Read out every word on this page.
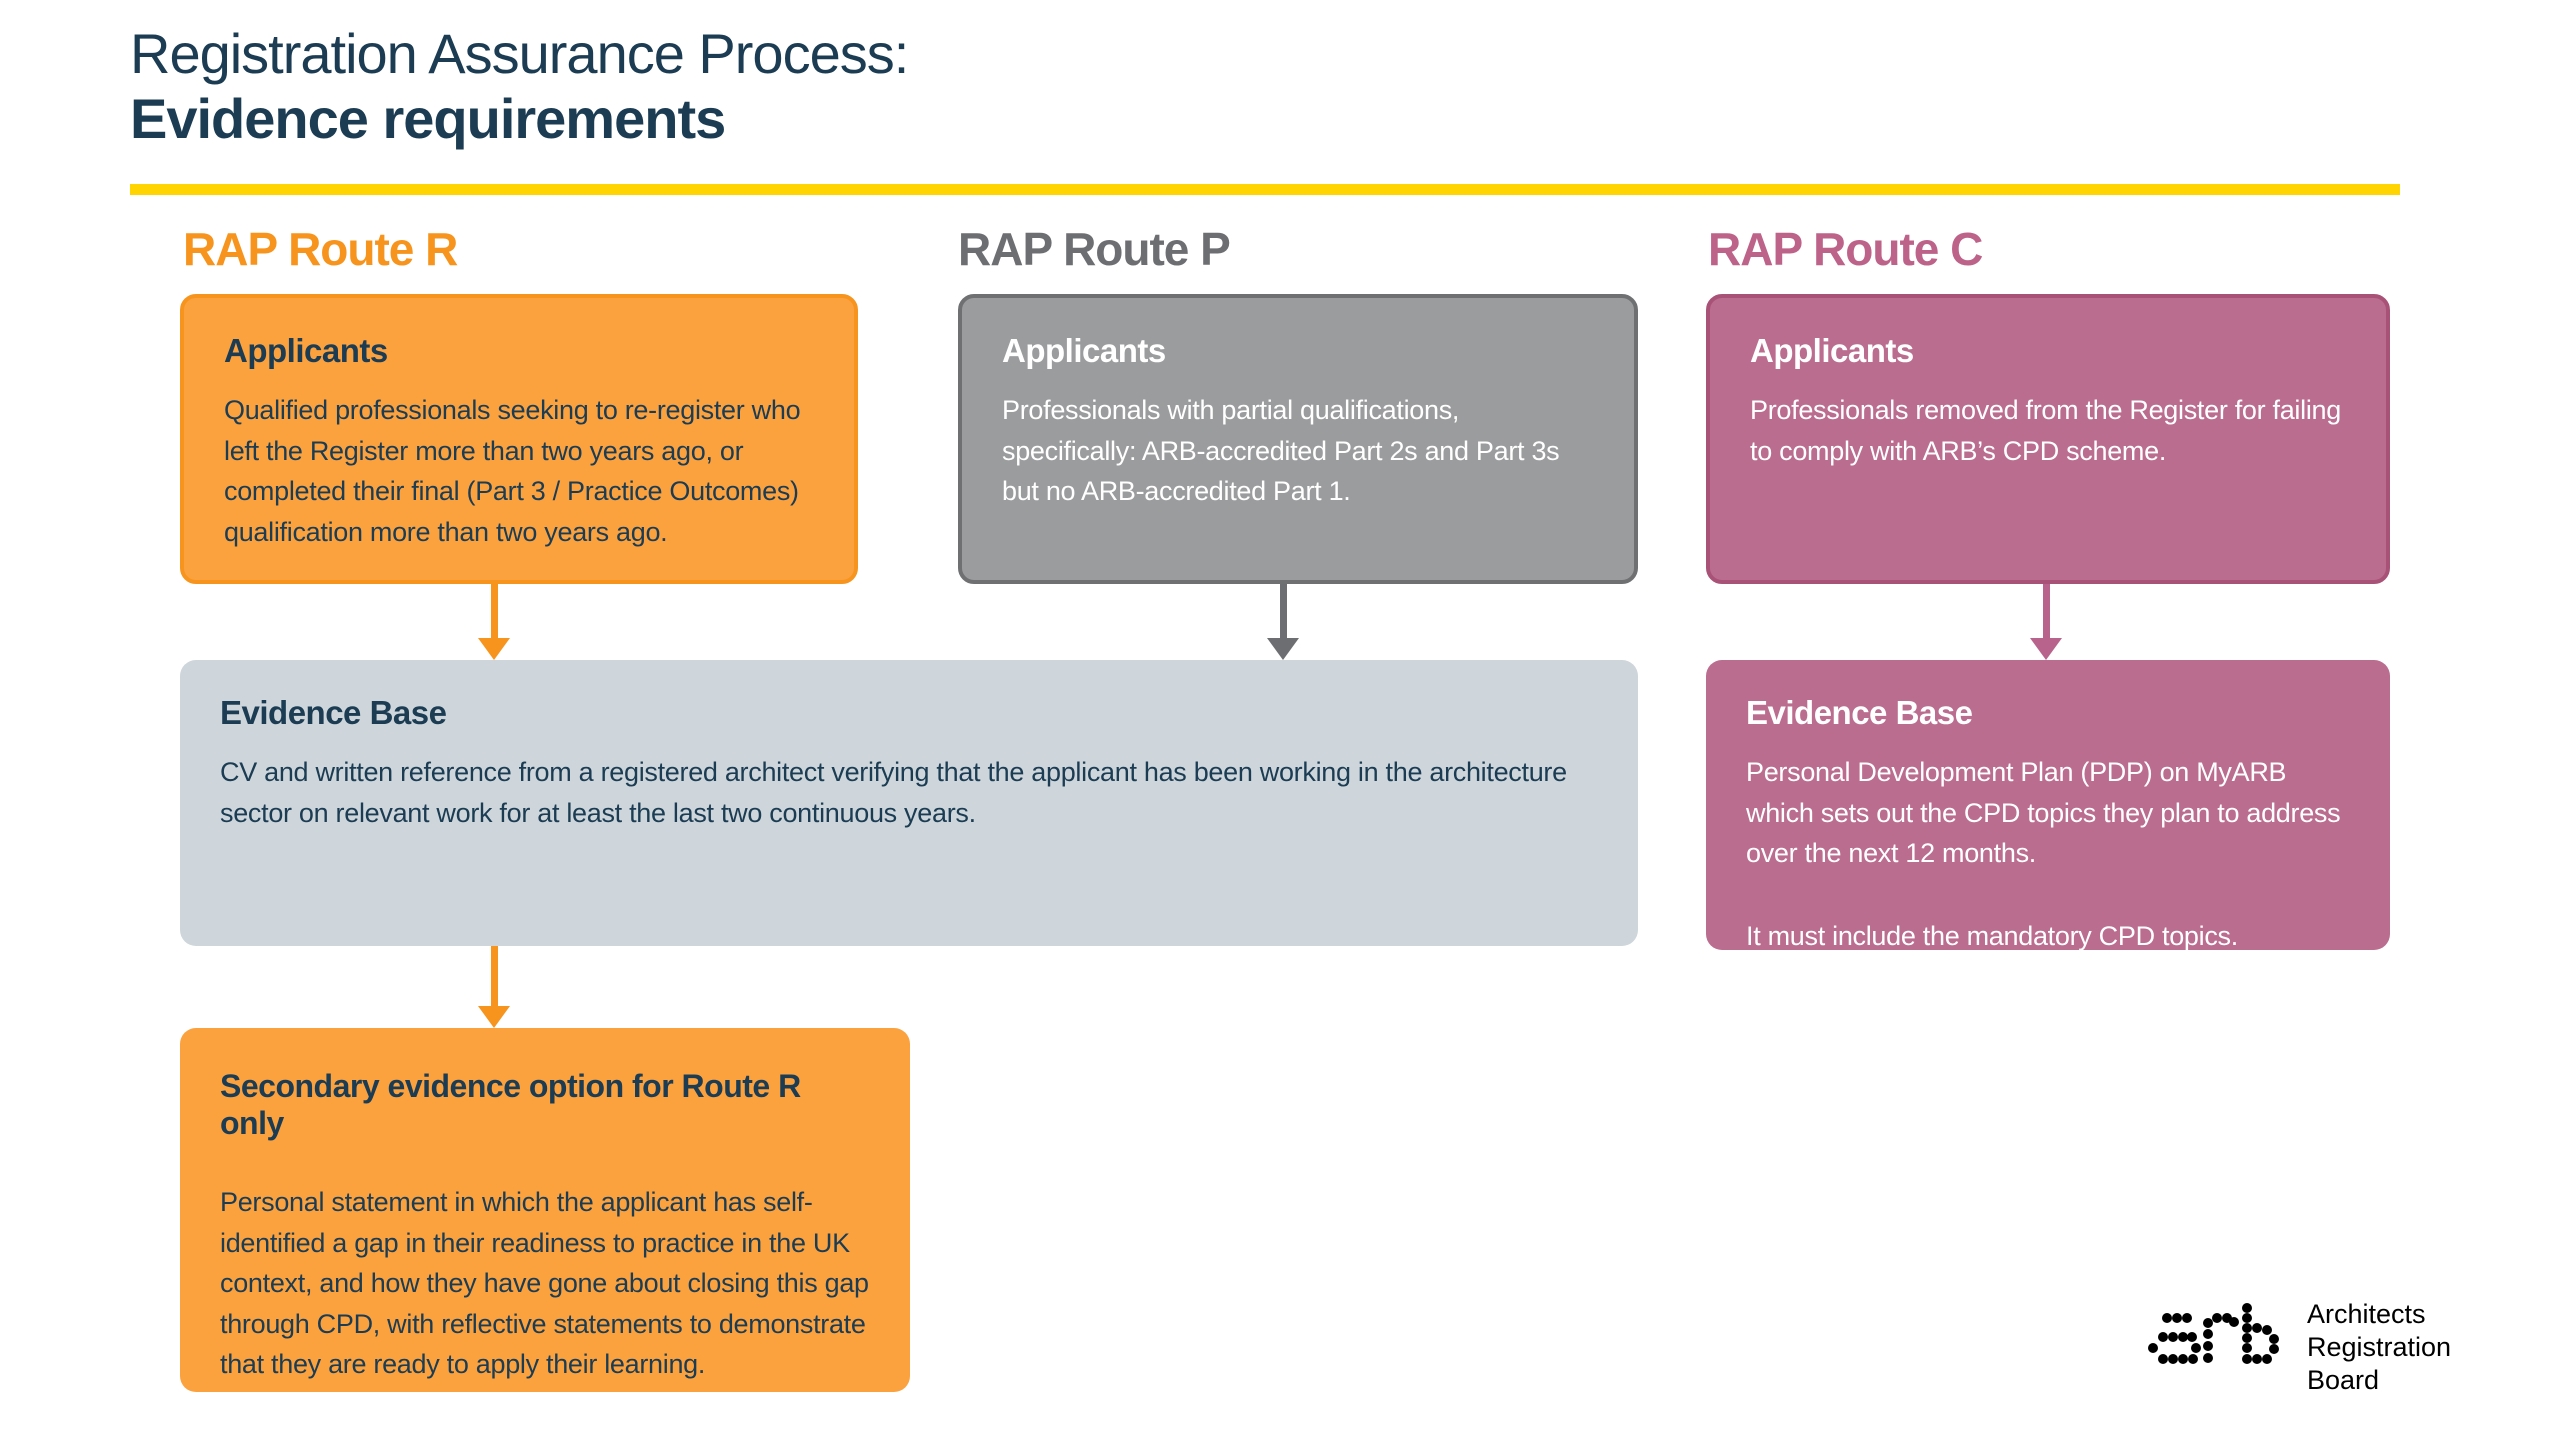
Registration Assurance Process:
Evidence requirements
RAP Route R	RAP Route P	RAP Route C
Applicants

Qualified professionals seeking to re-register who left the Register more than two years ago, or completed their final (Part 3 / Practice Outcomes) qualification more than two years ago.

Applicants

Professionals with partial qualifications, specifically: ARB-accredited Part 2s and Part 3s but no ARB-accredited Part 1.

Applicants

Professionals removed from the Register for failing to comply with ARB’s CPD scheme.

Evidence Base

CV and written reference from a registered architect verifying that the applicant has been working in the architecture sector on relevant work for at least the last two continuous years.

Evidence Base

Personal Development Plan (PDP) on MyARB which sets out the CPD topics they plan to address over the next 12 months.

It must include the mandatory CPD topics.

Secondary evidence option for Route R only

Personal statement in which the applicant has self-identified a gap in their readiness to practice in the UK context, and how they have gone about closing this gap through CPD, with reflective statements to demonstrate that they are ready to apply their learning.

Architects
Registration
Board
